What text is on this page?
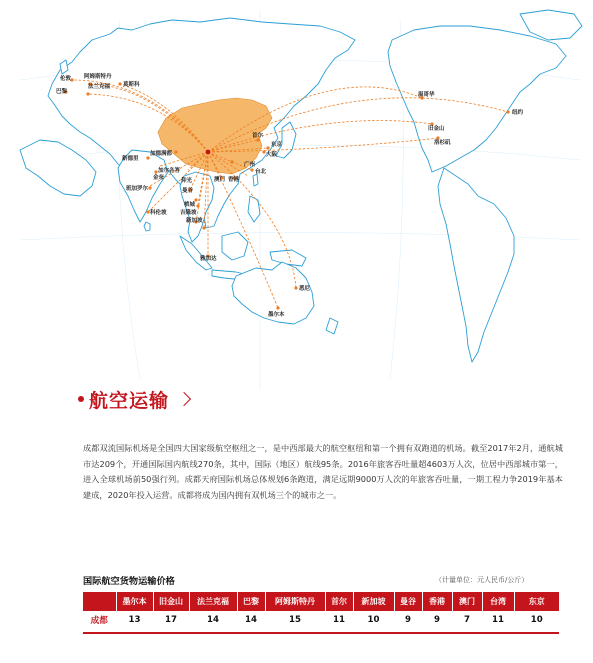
伦敦 阿姆斯特丹
法兰克福
巴黎
莫斯科
加德满都
新德里
加尔各答
班加罗尔
金奈
科伦坡
仰光
曼谷
槟城
吉隆坡
新加坡
雅加达
澳门 香港
广州
台北
首尔
东京
大阪
悉尼
墨尔本
温哥华
纽约
旧金山
洛杉矶
航空运输
成都双流国际机场是全国四大国家级航空枢纽之一，是中西部最大的航空枢纽和第一个拥有双跑道的机场。截至2017年2月，通航城市达209个，开通国际国内航线270条，其中，国际（地区）航线95条。2016年旅客吞吐量超4603万人次，位居中西部城市第一，进入全球机场前50强行列。成都天府国际机场总体规划6条跑道，满足远期9000万人次的年旅客吞吐量，一期工程力争2019年基本建成，2020年投入运营。成都将成为国内拥有双机场三个的城市之一。
国际航空货物运输价格	（计量单位：元人民币/公斤）
	墨尔本	旧金山	法兰克福	巴黎	阿姆斯特丹	首尔	新加坡	曼谷	香港	澳门	台湾	东京
成都	13	17	14	14	15	11	10	9	9	7	11	10
